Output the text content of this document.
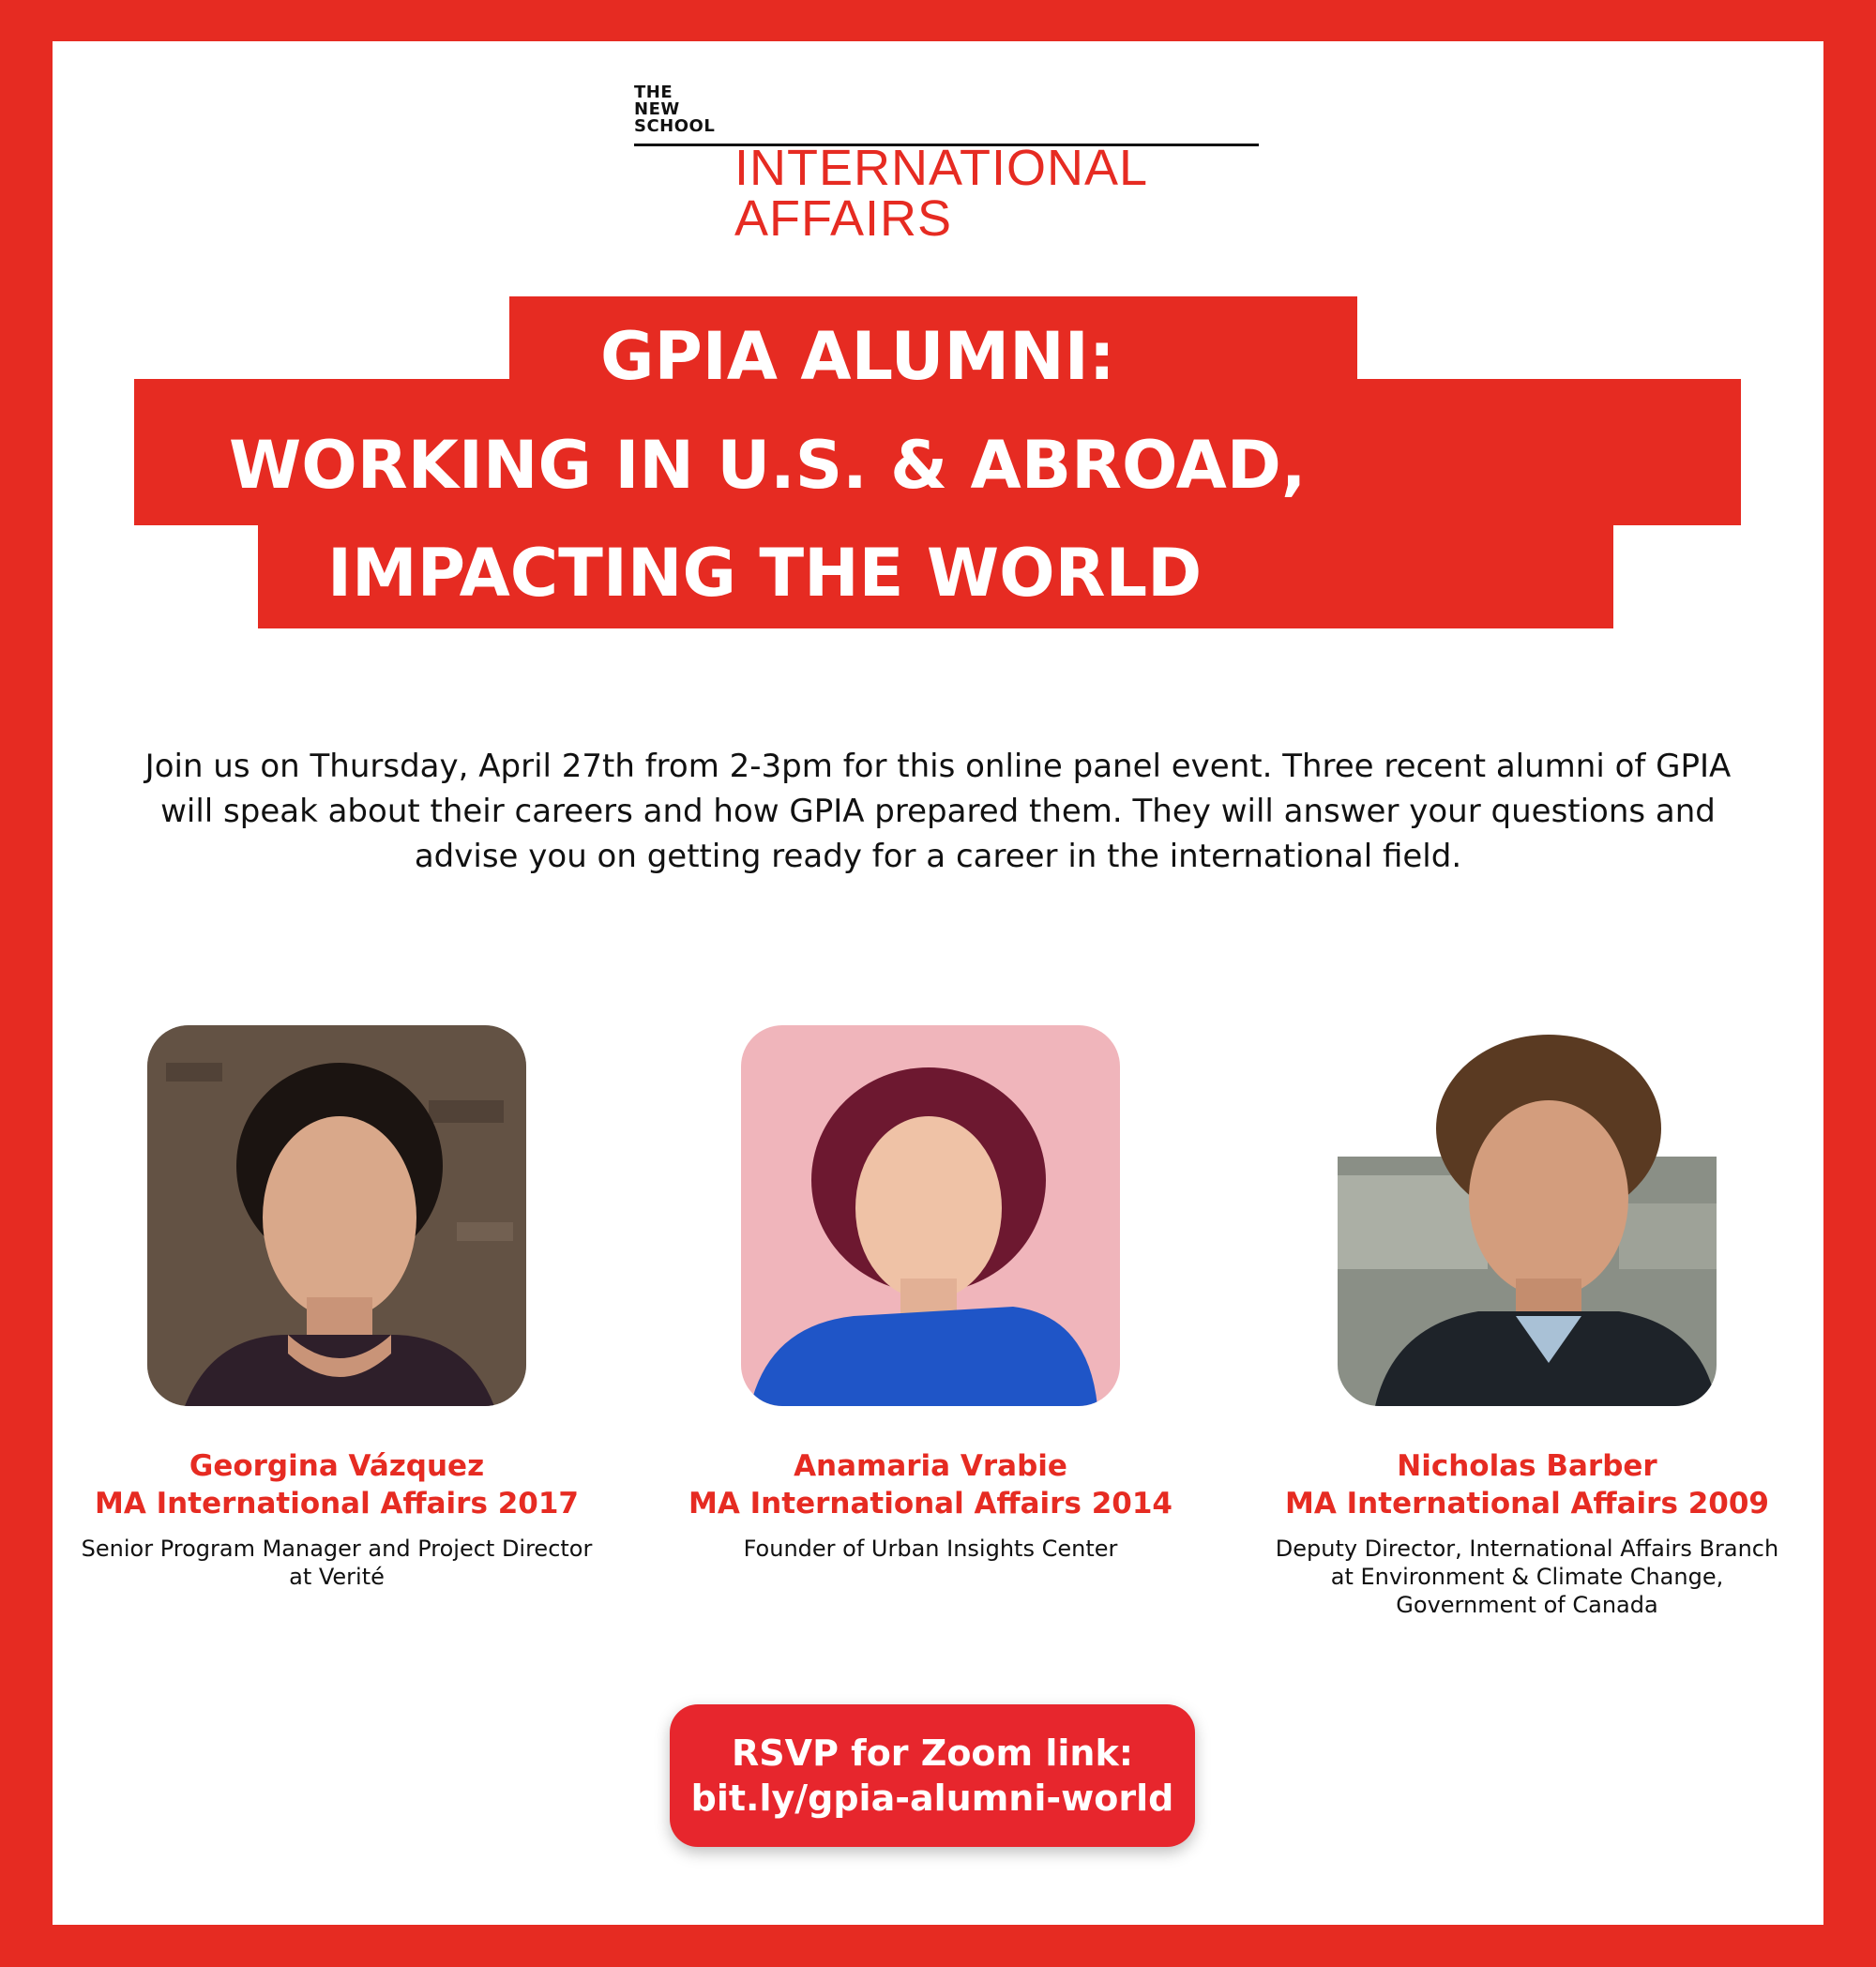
THE
NEW
SCHOOL
INTERNATIONAL
AFFAIRS
GPIA ALUMNI:
WORKING IN U.S. & ABROAD,
IMPACTING THE WORLD

Join us on Thursday, April 27th from 2-3pm for this online panel event. Three recent alumni of GPIA will speak about their careers and how GPIA prepared them. They will answer your questions and advise you on getting ready for a career in the international field.

Georgina Vázquez
MA International Affairs 2017
Senior Program Manager and Project Director at Verité
Anamaria Vrabie
MA International Affairs 2014
Founder of Urban Insights Center
Nicholas Barber
MA International Affairs 2009
Deputy Director, International Affairs Branch at Environment & Climate Change, Government of Canada
RSVP for Zoom link:
bit.ly/gpia-alumni-world
